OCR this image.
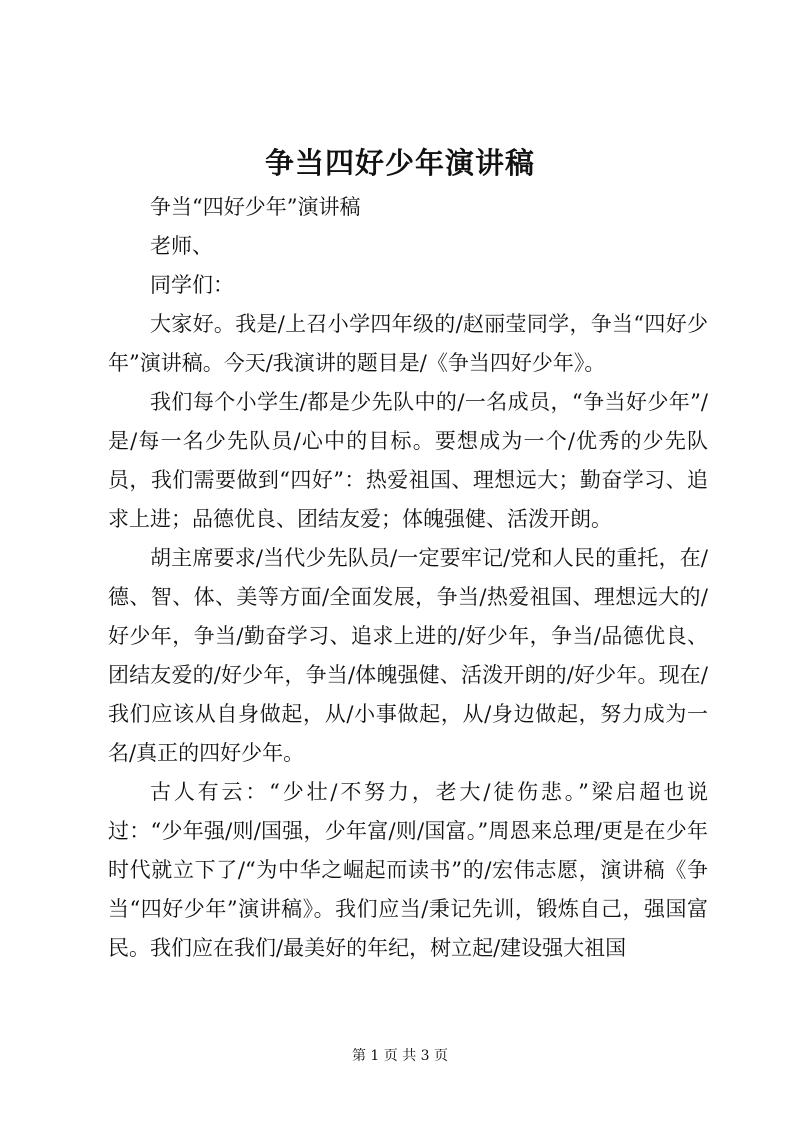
争当四好少年演讲稿

争当“四好少年”演讲稿

老师、

同学们：

大家好。我是/上召小学四年级的/赵丽莹同学，争当“四好少年”演讲稿。今天/我演讲的题目是/《争当四好少年》。

我们每个小学生/都是少先队中的/一名成员，“争当好少年”/是/每一名少先队员/心中的目标。要想成为一个/优秀的少先队员，我们需要做到“四好”：热爱祖国、理想远大；勤奋学习、追求上进；品德优良、团结友爱；体魄强健、活泼开朗。

胡主席要求/当代少先队员/一定要牢记/党和人民的重托，在/德、智、体、美等方面/全面发展，争当/热爱祖国、理想远大的/好少年，争当/勤奋学习、追求上进的/好少年，争当/品德优良、团结友爱的/好少年，争当/体魄强健、活泼开朗的/好少年。现在/我们应该从自身做起，从/小事做起，从/身边做起，努力成为一名/真正的四好少年。

古人有云：“少壮/不努力，老大/徒伤悲。”梁启超也说过：“少年强/则/国强，少年富/则/国富。”周恩来总理/更是在少年时代就立下了/“为中华之崛起而读书”的/宏伟志愿，演讲稿《争当“四好少年”演讲稿》。我们应当/秉记先训，锻炼自己，强国富民。我们应在我们/最美好的年纪，树立起/建设强大祖国

第 1 页 共 3 页
